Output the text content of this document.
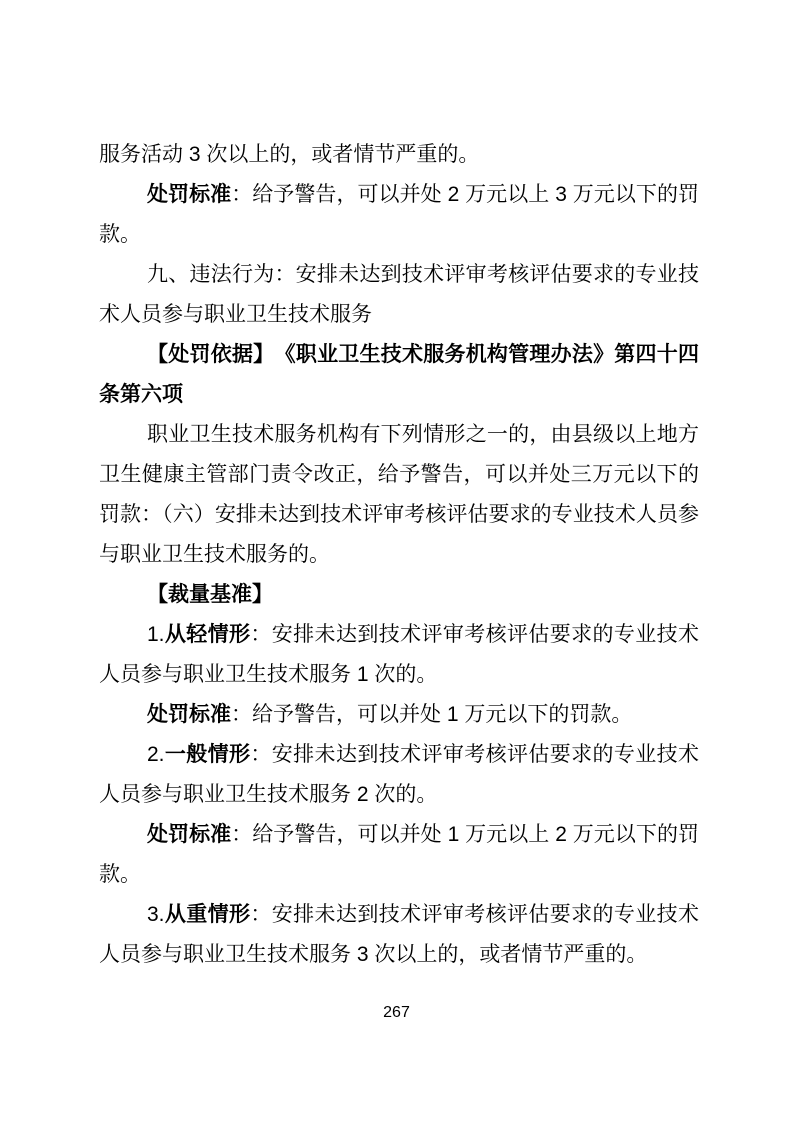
服务活动 3 次以上的，或者情节严重的。

处罚标准：给予警告，可以并处 2 万元以上 3 万元以下的罚款。

九、违法行为：安排未达到技术评审考核评估要求的专业技术人员参与职业卫生技术服务

【处罚依据】　《职业卫生技术服务机构管理办法》第四十四条第六项

职业卫生技术服务机构有下列情形之一的，由县级以上地方卫生健康主管部门责令改正，给予警告，可以并处三万元以下的罚款：（六）安排未达到技术评审考核评估要求的专业技术人员参与职业卫生技术服务的。

【裁量基准】

1.从轻情形：安排未达到技术评审考核评估要求的专业技术人员参与职业卫生技术服务 1 次的。

处罚标准：给予警告，可以并处 1 万元以下的罚款。

2.一般情形：安排未达到技术评审考核评估要求的专业技术人员参与职业卫生技术服务 2 次的。

处罚标准：给予警告，可以并处 1 万元以上 2 万元以下的罚款。

3.从重情形：安排未达到技术评审考核评估要求的专业技术人员参与职业卫生技术服务 3 次以上的，或者情节严重的。

267
